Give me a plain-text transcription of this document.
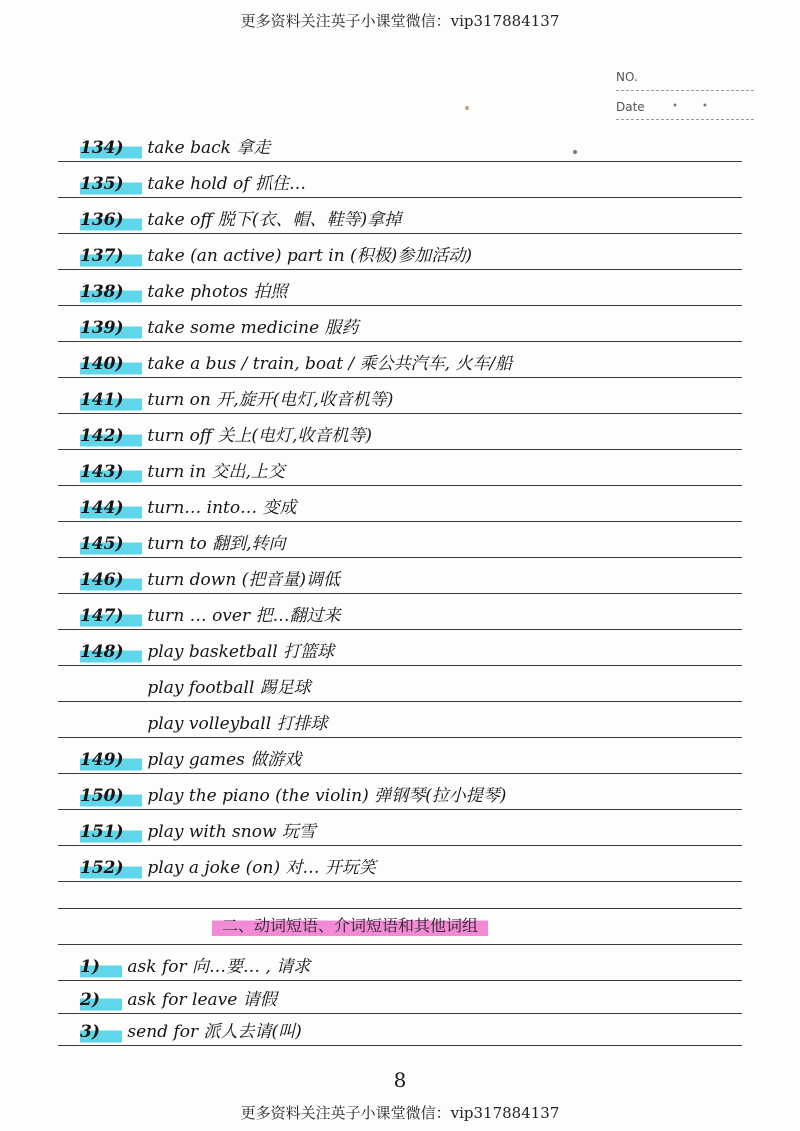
更多资料关注英子小课堂微信：vip317884137
NO.
Date	• •
134) take back 拿走
135) take hold of 抓住…
136) take off 脱下(衣、帽、鞋等)拿掉
137) take (an active) part in (积极)参加活动)
138) take photos 拍照
139) take some medicine 服药
140) take a bus / train, boat / 乘公共汽车, 火车/船
141) turn on 开,旋开(电灯,收音机等)
142) turn off 关上(电灯,收音机等)
143) turn in 交出,上交
144) turn… into… 变成
145) turn to 翻到,转向
146) turn down (把音量)调低
147) turn … over 把…翻过来
148) play basketball 打篮球
play football 踢足球
play volleyball 打排球
149) play games 做游戏
150) play the piano (the violin) 弹钢琴(拉小提琴)
151) play with snow 玩雪
152) play a joke (on) 对… 开玩笑
二、动词短语、介词短语和其他词组
1) ask for 向…要… , 请求
2) ask for leave 请假
3) send for 派人去请(叫)
8
更多资料关注英子小课堂微信：vip317884137
